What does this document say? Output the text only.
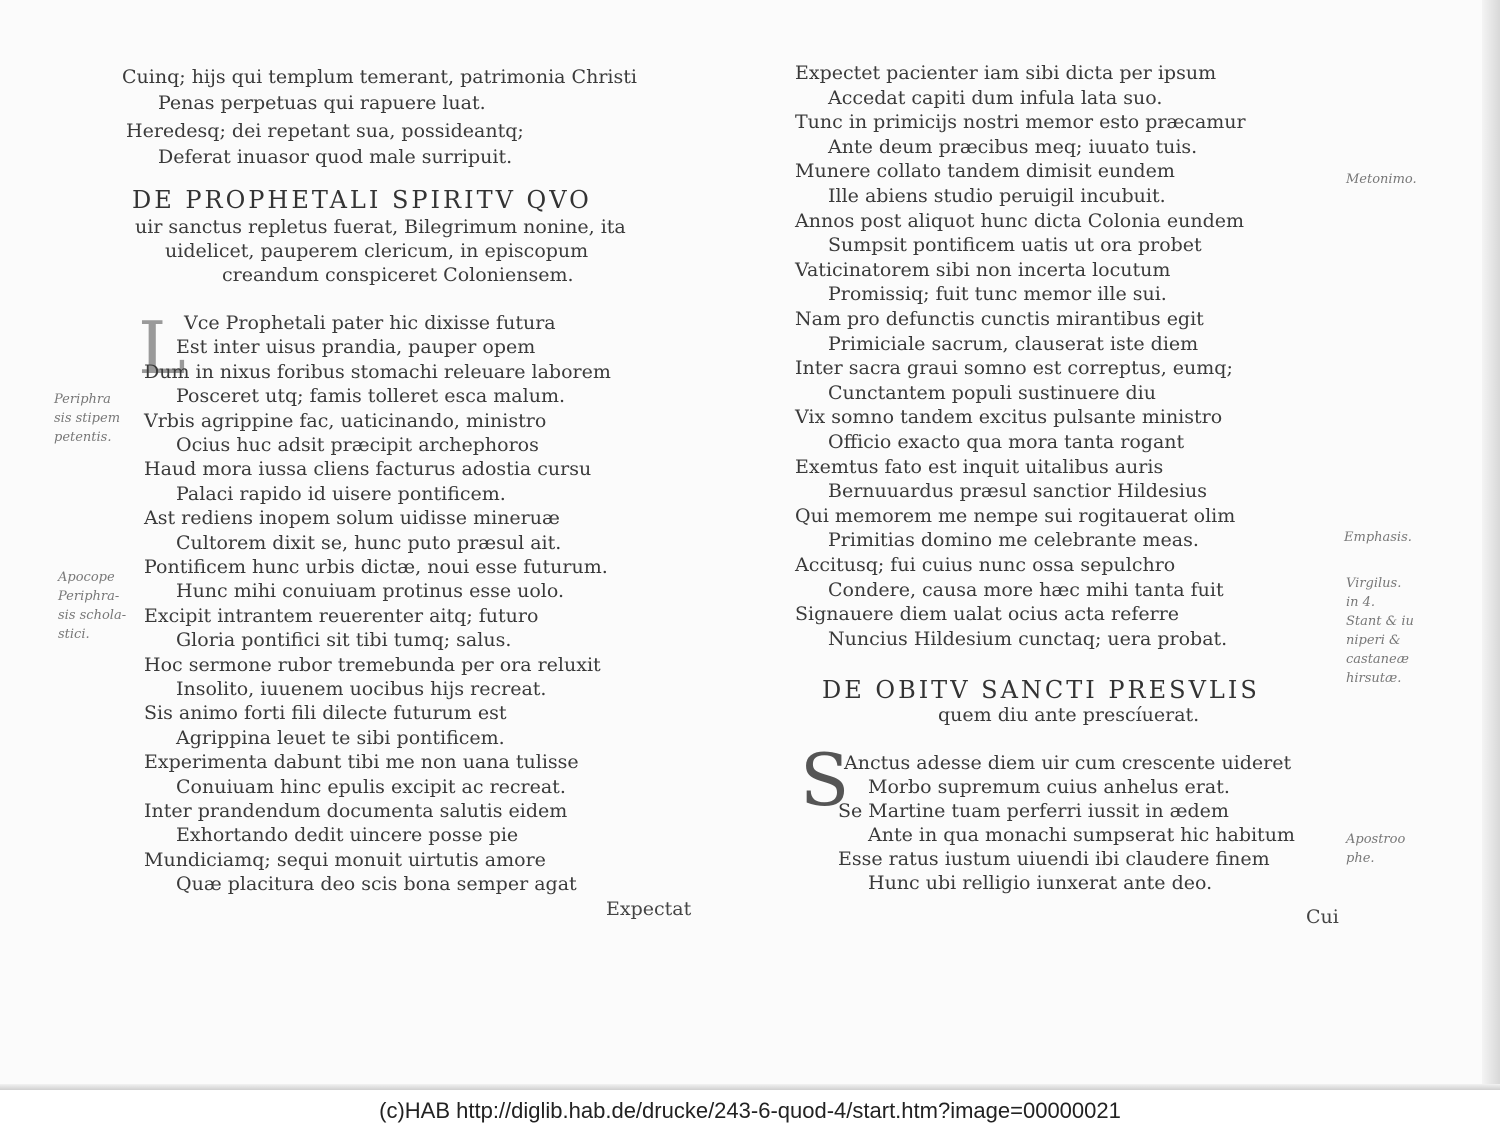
Cuinq; hijs qui templum temerant, patrimonia Christi
Penas perpetuas qui rapuere luat.
Heredesq; dei repetant sua, possideantq;
Deferat inuasor quod male surripuit.
DE PROPHETALI SPIRITV QVO
uir sanctus repletus fuerat, Bilegrimum nonine, ita
uidelicet, pauperem clericum, in episcopum
creandum conspiceret Coloniensem.
L
Vce Prophetali pater hic dixisse futura
Est inter uisus prandia, pauper opem
Dum in nixus foribus stomachi releuare laborem
Posceret utq; famis tolleret esca malum.
Vrbis agrippine fac, uaticinando, ministro
Ocius huc adsit præcipit archephoros
Haud mora iussa cliens facturus adostia cursu
Palaci rapido id uisere pontificem.
Ast rediens inopem solum uidisse mineruæ
Cultorem dixit se, hunc puto præsul ait.
Pontificem hunc urbis dictæ, noui esse futurum.
Hunc mihi conuiuam protinus esse uolo.
Excipit intrantem reuerenter aitq; futuro
Gloria pontifici sit tibi tumq; salus.
Hoc sermone rubor tremebunda per ora reluxit
Insolito, iuuenem uocibus hijs recreat.
Sis animo forti fili dilecte futurum est
Agrippina leuet te sibi pontificem.
Experimenta dabunt tibi me non uana tulisse
Conuiuam hinc epulis excipit ac recreat.
Inter prandendum documenta salutis eidem
Exhortando dedit uincere posse pie
Mundiciamq; sequi monuit uirtutis amore
Quæ placitura deo scis bona semper agat
Expectat
Periphra
sis stipem
petentis.
Apocope
Periphra-
sis schola-
stici.
Expectet pacienter iam sibi dicta per ipsum
Accedat capiti dum infula lata suo.
Tunc in primicijs nostri memor esto præcamur
Ante deum præcibus meq; iuuato tuis.
Munere collato tandem dimisit eundem
Ille abiens studio peruigil incubuit.
Annos post aliquot hunc dicta Colonia eundem
Sumpsit pontificem uatis ut ora probet
Vaticinatorem sibi non incerta locutum
Promissiq; fuit tunc memor ille sui.
Nam pro defunctis cunctis mirantibus egit
Primiciale sacrum, clauserat iste diem
Inter sacra graui somno est correptus, eumq;
Cunctantem populi sustinuere diu
Vix somno tandem excitus pulsante ministro
Officio exacto qua mora tanta rogant
Exemtus fato est inquit uitalibus auris
Bernuuardus præsul sanctior Hildesius
Qui memorem me nempe sui rogitauerat olim
Primitias domino me celebrante meas.
Accitusq; fui cuius nunc ossa sepulchro
Condere, causa more hæc mihi tanta fuit
Signauere diem ualat ocius acta referre
Nuncius Hildesium cunctaq; uera probat.
DE OBITV SANCTI PRESVLIS
quem diu ante prescíuerat.
S
Anctus adesse diem uir cum crescente uideret
Morbo supremum cuius anhelus erat.
Se Martine tuam perferri iussit in ædem
Ante in qua monachi sumpserat hic habitum
Esse ratus iustum uiuendi ibi claudere finem
Hunc ubi relligio iunxerat ante deo.
Cui
Metonimo.
Emphasis.
Virgilus.
in 4.
Stant & iu
niperi &
castaneæ
hirsutæ.
Apostroo
phe.
(c)HAB http://diglib.hab.de/drucke/243-6-quod-4/start.htm?image=00000021
